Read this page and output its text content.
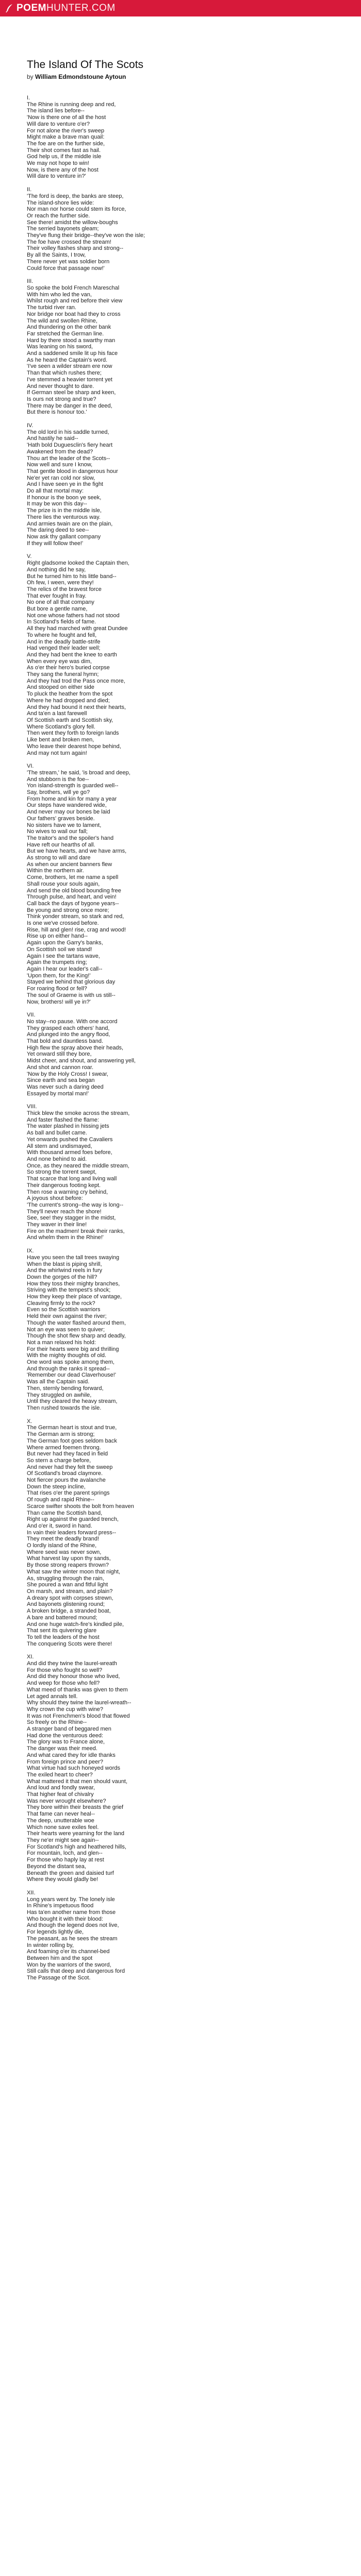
POEM HUNTER.COM
The Island Of The Scots
by William Edmondstoune Aytoun
I.
The Rhine is running deep and red,
The island lies before--
'Now is there one of all the host
Will dare to venture o'er?
For not alone the river's sweep
Might make a brave man quail:
The foe are on the further side,
Their shot comes fast as hail.
God help us, if the middle isle
We may not hope to win!
Now, is there any of the host
Will dare to venture in?'
II.
'The ford is deep, the banks are steep,
The island-shore lies wide:
Nor man nor horse could stem its force,
Or reach the further side.
See there! amidst the willow-boughs
The serried bayonets gleam;
They've flung their bridge--they've won the isle;
The foe have crossed the stream!
Their volley flashes sharp and strong--
By all the Saints, I trow,
There never yet was soldier born
Could force that passage now!'
III.
So spoke the bold French Mareschal
With him who led the van,
Whilst rough and red before their view
The turbid river ran.
Nor bridge nor boat had they to cross
The wild and swollen Rhine,
And thundering on the other bank
Far stretched the German line.
Hard by there stood a swarthy man
Was leaning on his sword,
And a saddened smile lit up his face
As he heard the Captain's word.
'I've seen a wilder stream ere now
Than that which rushes there;
I've stemmed a heavier torrent yet
And never thought to dare.
If German steel be sharp and keen,
Is ours not strong and true?
There may be danger in the deed,
But there is honour too.'
IV.
The old lord in his saddle turned,
And hastily he said--
'Hath bold Duguesclin's fiery heart
Awakened from the dead?
Thou art the leader of the Scots--
Now well and sure I know,
That gentle blood in dangerous hour
Ne'er yet ran cold nor slow,
And I have seen ye in the fight
Do all that mortal may:
If honour is the boon ye seek,
It may be won this day--
The prize is in the middle isle,
There lies the venturous way.
And armies twain are on the plain,
The daring deed to see--
Now ask thy gallant company
If they will follow thee!'
V.
Right gladsome looked the Captain then,
And nothing did he say,
But he turned him to his little band--
Oh few, I ween, were they!
The relics of the bravest force
That ever fought in fray.
No one of all that company
But bore a gentle name,
Not one whose fathers had not stood
In Scotland's fields of fame.
All they had marched with great Dundee
To where he fought and fell,
And in the deadly battle-strife
Had venged their leader well;
And they had bent the knee to earth
When every eye was dim,
As o'er their hero's buried corpse
They sang the funeral hymn;
And they had trod the Pass once more,
And stooped on either side
To pluck the heather from the spot
Where he had dropped and died;
And they had bound it next their hearts,
And ta'en a last farewell
Of Scottish earth and Scottish sky,
Where Scotland's glory fell.
Then went they forth to foreign lands
Like bent and broken men,
Who leave their dearest hope behind,
And may not turn again!
VI.
'The stream,' he said, 'is broad and deep,
And stubborn is the foe--
Yon island-strength is guarded well--
Say, brothers, will ye go?
From home and kin for many a year
Our steps have wandered wide,
And never may our bones be laid
Our fathers' graves beside.
No sisters have we to lament,
No wives to wail our fall;
The traitor's and the spoiler's hand
Have reft our hearths of all.
But we have hearts, and we have arms,
As strong to will and dare
As when our ancient banners flew
Within the northern air.
Come, brothers, let me name a spell
Shall rouse your souls again,
And send the old blood bounding free
Through pulse, and heart, and vein!
Call back the days of bygone years--
Be young and strong once more;
Think yonder stream, so stark and red,
Is one we've crossed before.
Rise, hill and glen! rise, crag and wood!
Rise up on either hand--
Again upon the Garry's banks,
On Scottish soil we stand!
Again I see the tartans wave,
Again the trumpets ring;
Again I hear our leader's call--
'Upon them, for the King!'
Stayed we behind that glorious day
For roaring flood or fell?
The soul of Graeme is with us still--
Now, brothers! will ye in?'
VII.
No stay--no pause. With one accord
They grasped each others' hand,
And plunged into the angry flood,
That bold and dauntless band.
High flew the spray above their heads,
Yet onward still they bore,
Midst cheer, and shout, and answering yell,
And shot and cannon roar.
'Now by the Holy Cross! I swear,
Since earth and sea began
Was never such a daring deed
Essayed by mortal man!'
VIII.
Thick blew the smoke across the stream,
And faster flashed the flame:
The water plashed in hissing jets
As ball and bullet came.
Yet onwards pushed the Cavaliers
All stern and undismayed,
With thousand armed foes before,
And none behind to aid.
Once, as they neared the middle stream,
So strong the torrent swept,
That scarce that long and living wall
Their dangerous footing kept.
Then rose a warning cry behind,
A joyous shout before:
'The current's strong--the way is long--
They'll never reach the shore!
See, see! they stagger in the midst,
They waver in their line!
Fire on the madmen! break their ranks,
And whelm them in the Rhine!'
IX.
Have you seen the tall trees swaying
When the blast is piping shrill,
And the whirlwind reels in fury
Down the gorges of the hill?
How they toss their mighty branches,
Striving with the tempest's shock;
How they keep their place of vantage,
Cleaving firmly to the rock?
Even so the Scottish warriors
Held their own against the river;
Though the water flashed around them,
Not an eye was seen to quiver;
Though the shot flew sharp and deadly,
Not a man relaxed his hold:
For their hearts were big and thrilling
With the mighty thoughts of old.
One word was spoke among them,
And through the ranks it spread--
'Remember our dead Claverhouse!'
Was all the Captain said.
Then, sternly bending forward,
They struggled on awhile,
Until they cleared the heavy stream,
Then rushed towards the isle.
X.
The German heart is stout and true,
The German arm is strong;
The German foot goes seldom back
Where armed foemen throng.
But never had they faced in field
So stern a charge before,
And never had they felt the sweep
Of Scotland's broad claymore.
Not fiercer pours the avalanche
Down the steep incline,
That rises o'er the parent springs
Of rough and rapid Rhine--
Scarce swifter shoots the bolt from heaven
Than came the Scottish band,
Right up against the guarded trench,
And o'er it, sword in hand.
In vain their leaders forward press--
They meet the deadly brand!
O lordly island of the Rhine,
Where seed was never sown,
What harvest lay upon thy sands,
By those strong reapers thrown?
What saw the winter moon that night,
As, struggling through the rain,
She poured a wan and fitful light
On marsh, and stream, and plain?
A dreary spot with corpses strewn,
And bayonets glistening round;
A broken bridge, a stranded boat,
A bare and battered mound;
And one huge watch-fire's kindled pile,
That sent its quivering glare
To tell the leaders of the host
The conquering Scots were there!
XI.
And did they twine the laurel-wreath
For those who fought so well?
And did they honour those who lived,
And weep for those who fell?
What meed of thanks was given to them
Let aged annals tell.
Why should they twine the laurel-wreath--
Why crown the cup with wine?
It was not Frenchmen's blood that flowed
So freely on the Rhine--
A stranger band of beggared men
Had done the venturous deed:
The glory was to France alone,
The danger was their meed.
And what cared they for idle thanks
From foreign prince and peer?
What virtue had such honeyed words
The exiled heart to cheer?
What mattered it that men should vaunt,
And loud and fondly swear,
That higher feat of chivalry
Was never wrought elsewhere?
They bore within their breasts the grief
That fame can never heal--
The deep, unutterable woe
Which none save exiles feel.
Their hearts were yearning for the land
They ne'er might see again--
For Scotland's high and heathered hills,
For mountain, loch, and glen--
For those who haply lay at rest
Beyond the distant sea,
Beneath the green and daisied turf
Where they would gladly be!
XII.
Long years went by. The lonely isle
In Rhine's impetuous flood
Has ta'en another name from those
Who bought it with their blood:
And though the legend does not live,
For legends lightly die,
The peasant, as he sees the stream
In winter rolling by,
And foaming o'er its channel-bed
Between him and the spot
Won by the warriors of the sword,
Still calls that deep and dangerous ford
The Passage of the Scot.
